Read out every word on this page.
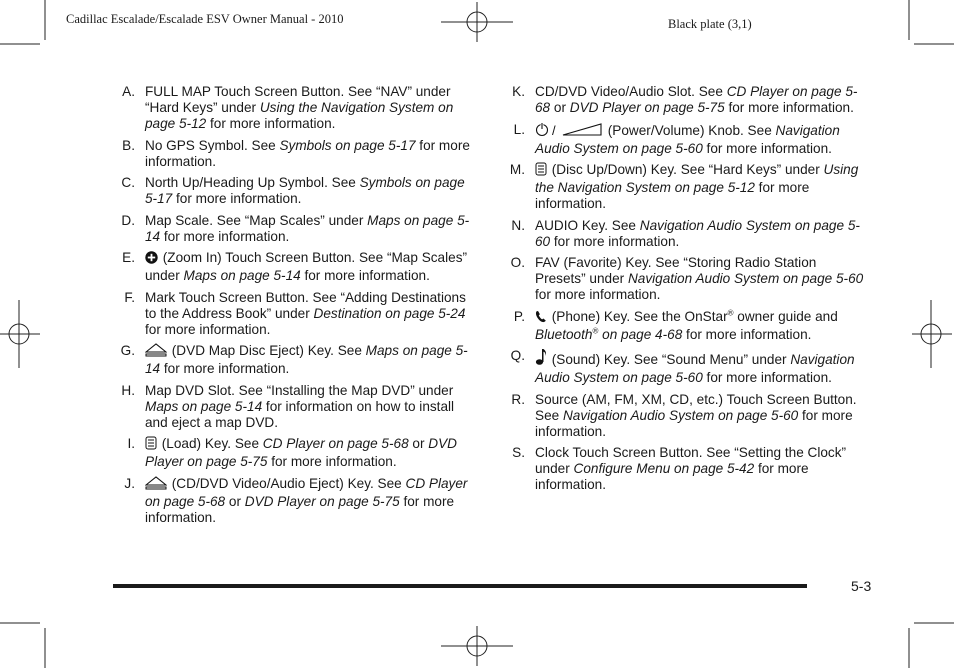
Cadillac Escalade/Escalade ESV Owner Manual - 2010	Black plate (3,1)
A. FULL MAP Touch Screen Button. See “NAV” under “Hard Keys” under Using the Navigation System on page 5-12 for more information.
B. No GPS Symbol. See Symbols on page 5-17 for more information.
C. North Up/Heading Up Symbol. See Symbols on page 5-17 for more information.
D. Map Scale. See “Map Scales” under Maps on page 5-14 for more information.
E.	(Zoom In) Touch Screen Button. See “Map Scales” under Maps on page 5-14 for more information.
F. Mark Touch Screen Button. See “Adding Destinations to the Address Book” under Destination on page 5-24 for more information.
G.	(DVD Map Disc Eject) Key. See Maps on page 5-14 for more information.
H. Map DVD Slot. See “Installing the Map DVD” under Maps on page 5-14 for information on how to install and eject a map DVD.
I.	(Load) Key. See CD Player on page 5-68 or DVD Player on page 5-75 for more information.
J.	(CD/DVD Video/Audio Eject) Key. See CD Player on page 5-68 or DVD Player on page 5-75 for more information.
K. CD/DVD Video/Audio Slot. See CD Player on page 5-68 or DVD Player on page 5-75 for more information.
L. /	(Power/Volume) Knob. See Navigation Audio System on page 5-60 for more information.
M.	(Disc Up/Down) Key. See “Hard Keys” under Using the Navigation System on page 5-12 for more information.
N. AUDIO Key. See Navigation Audio System on page 5-60 for more information.
O. FAV (Favorite) Key. See “Storing Radio Station Presets” under Navigation Audio System on page 5-60 for more information.
P.	(Phone) Key. See the OnStar® owner guide and Bluetooth® on page 4-68 for more information.
Q.	(Sound) Key. See “Sound Menu” under Navigation Audio System on page 5-60 for more information.
R. Source (AM, FM, XM, CD, etc.) Touch Screen Button. See Navigation Audio System on page 5-60 for more information.
S. Clock Touch Screen Button. See “Setting the Clock” under Configure Menu on page 5-42 for more information.
5-3
